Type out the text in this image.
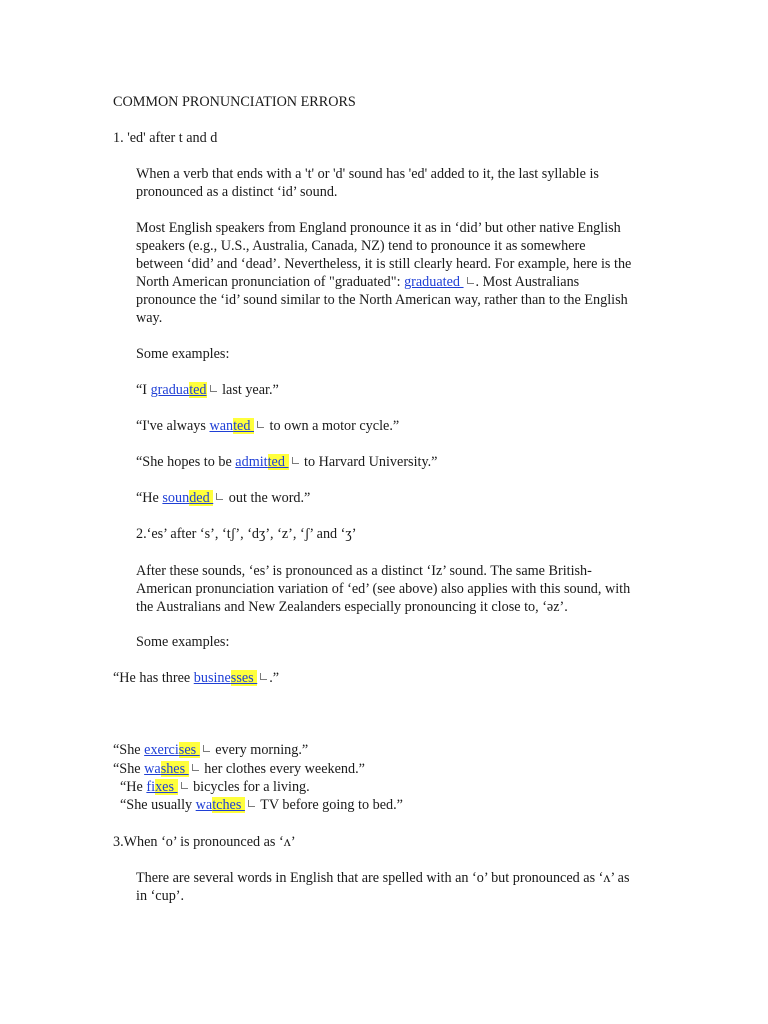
COMMON PRONUNCIATION ERRORS
1. 'ed' after t and d
When a verb that ends with a 't' or 'd' sound has 'ed' added to it, the last syllable is pronounced as a distinct ‘id’ sound.
Most English speakers from England pronounce it as in ‘did’ but other native English speakers (e.g., U.S., Australia, Canada, NZ) tend to pronounce it as somewhere between ‘did’ and ‘dead’. Nevertheless, it is still clearly heard. For example, here is the North American pronunciation of "graduated": graduated . Most Australians pronounce the ‘id’ sound similar to the North American way, rather than to the English way.
Some examples:
“I graduated last year.”
“I've always wanted  to own a motor cycle.”
“She hopes to be admitted  to Harvard University.”
“He sounded  out the word.”
2.‘es’ after ‘s’, ‘tʃ’, ‘dʒ’, ‘z’, ‘ʃ’ and ‘ʒ’
After these sounds, ‘es’ is pronounced as a distinct ‘Iz’ sound. The same British-American pronunciation variation of ‘ed’ (see above) also applies with this sound, with the Australians and New Zealanders especially pronouncing it close to, ‘əz’.
Some examples:
“He has three businesses .”
“She exercises  every morning.”
“She washes  her clothes every weekend.”
“He fixes  bicycles for a living.
“She usually watches  TV before going to bed.”
3.When ‘o’ is pronounced as ‘ʌ’
There are several words in English that are spelled with an ‘o’ but pronounced as ‘ʌ’ as in ‘cup’.
